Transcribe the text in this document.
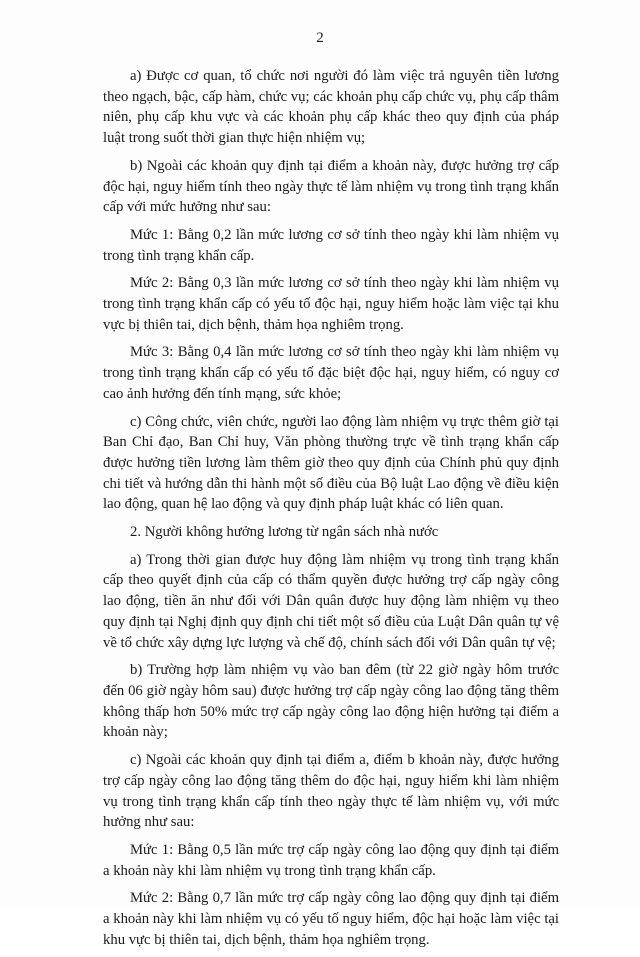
2

a) Được cơ quan, tổ chức nơi người đó làm việc trả nguyên tiền lương theo ngạch, bậc, cấp hàm, chức vụ; các khoản phụ cấp chức vụ, phụ cấp thâm niên, phụ cấp khu vực và các khoản phụ cấp khác theo quy định của pháp luật trong suốt thời gian thực hiện nhiệm vụ;

b) Ngoài các khoản quy định tại điểm a khoản này, được hưởng trợ cấp độc hại, nguy hiểm tính theo ngày thực tế làm nhiệm vụ trong tình trạng khẩn cấp với mức hưởng như sau:

Mức 1: Bằng 0,2 lần mức lương cơ sở tính theo ngày khi làm nhiệm vụ trong tình trạng khẩn cấp.

Mức 2: Bằng 0,3 lần mức lương cơ sở tính theo ngày khi làm nhiệm vụ trong tình trạng khẩn cấp có yếu tố độc hại, nguy hiểm hoặc làm việc tại khu vực bị thiên tai, dịch bệnh, thảm họa nghiêm trọng.

Mức 3: Bằng 0,4 lần mức lương cơ sở tính theo ngày khi làm nhiệm vụ trong tình trạng khẩn cấp có yếu tố đặc biệt độc hại, nguy hiểm, có nguy cơ cao ảnh hưởng đến tính mạng, sức khỏe;

c) Công chức, viên chức, người lao động làm nhiệm vụ trực thêm giờ tại Ban Chỉ đạo, Ban Chỉ huy, Văn phòng thường trực về tình trạng khẩn cấp được hưởng tiền lương làm thêm giờ theo quy định của Chính phủ quy định chi tiết và hướng dẫn thi hành một số điều của Bộ luật Lao động về điều kiện lao động, quan hệ lao động và quy định pháp luật khác có liên quan.

2. Người không hưởng lương từ ngân sách nhà nước

a) Trong thời gian được huy động làm nhiệm vụ trong tình trạng khẩn cấp theo quyết định của cấp có thẩm quyền được hưởng trợ cấp ngày công lao động, tiền ăn như đối với Dân quân được huy động làm nhiệm vụ theo quy định tại Nghị định quy định chi tiết một số điều của Luật Dân quân tự vệ về tổ chức xây dựng lực lượng và chế độ, chính sách đối với Dân quân tự vệ;

b) Trường hợp làm nhiệm vụ vào ban đêm (từ 22 giờ ngày hôm trước đến 06 giờ ngày hôm sau) được hưởng trợ cấp ngày công lao động tăng thêm không thấp hơn 50% mức trợ cấp ngày công lao động hiện hưởng tại điểm a khoản này;

c) Ngoài các khoản quy định tại điểm a, điểm b khoản này, được hưởng trợ cấp ngày công lao động tăng thêm do độc hại, nguy hiểm khi làm nhiệm vụ trong tình trạng khẩn cấp tính theo ngày thực tế làm nhiệm vụ, với mức hưởng như sau:

Mức 1: Bằng 0,5 lần mức trợ cấp ngày công lao động quy định tại điểm a khoản này khi làm nhiệm vụ trong tình trạng khẩn cấp.

Mức 2: Bằng 0,7 lần mức trợ cấp ngày công lao động quy định tại điểm a khoản này khi làm nhiệm vụ có yếu tố nguy hiểm, độc hại hoặc làm việc tại khu vực bị thiên tai, dịch bệnh, thảm họa nghiêm trọng.
